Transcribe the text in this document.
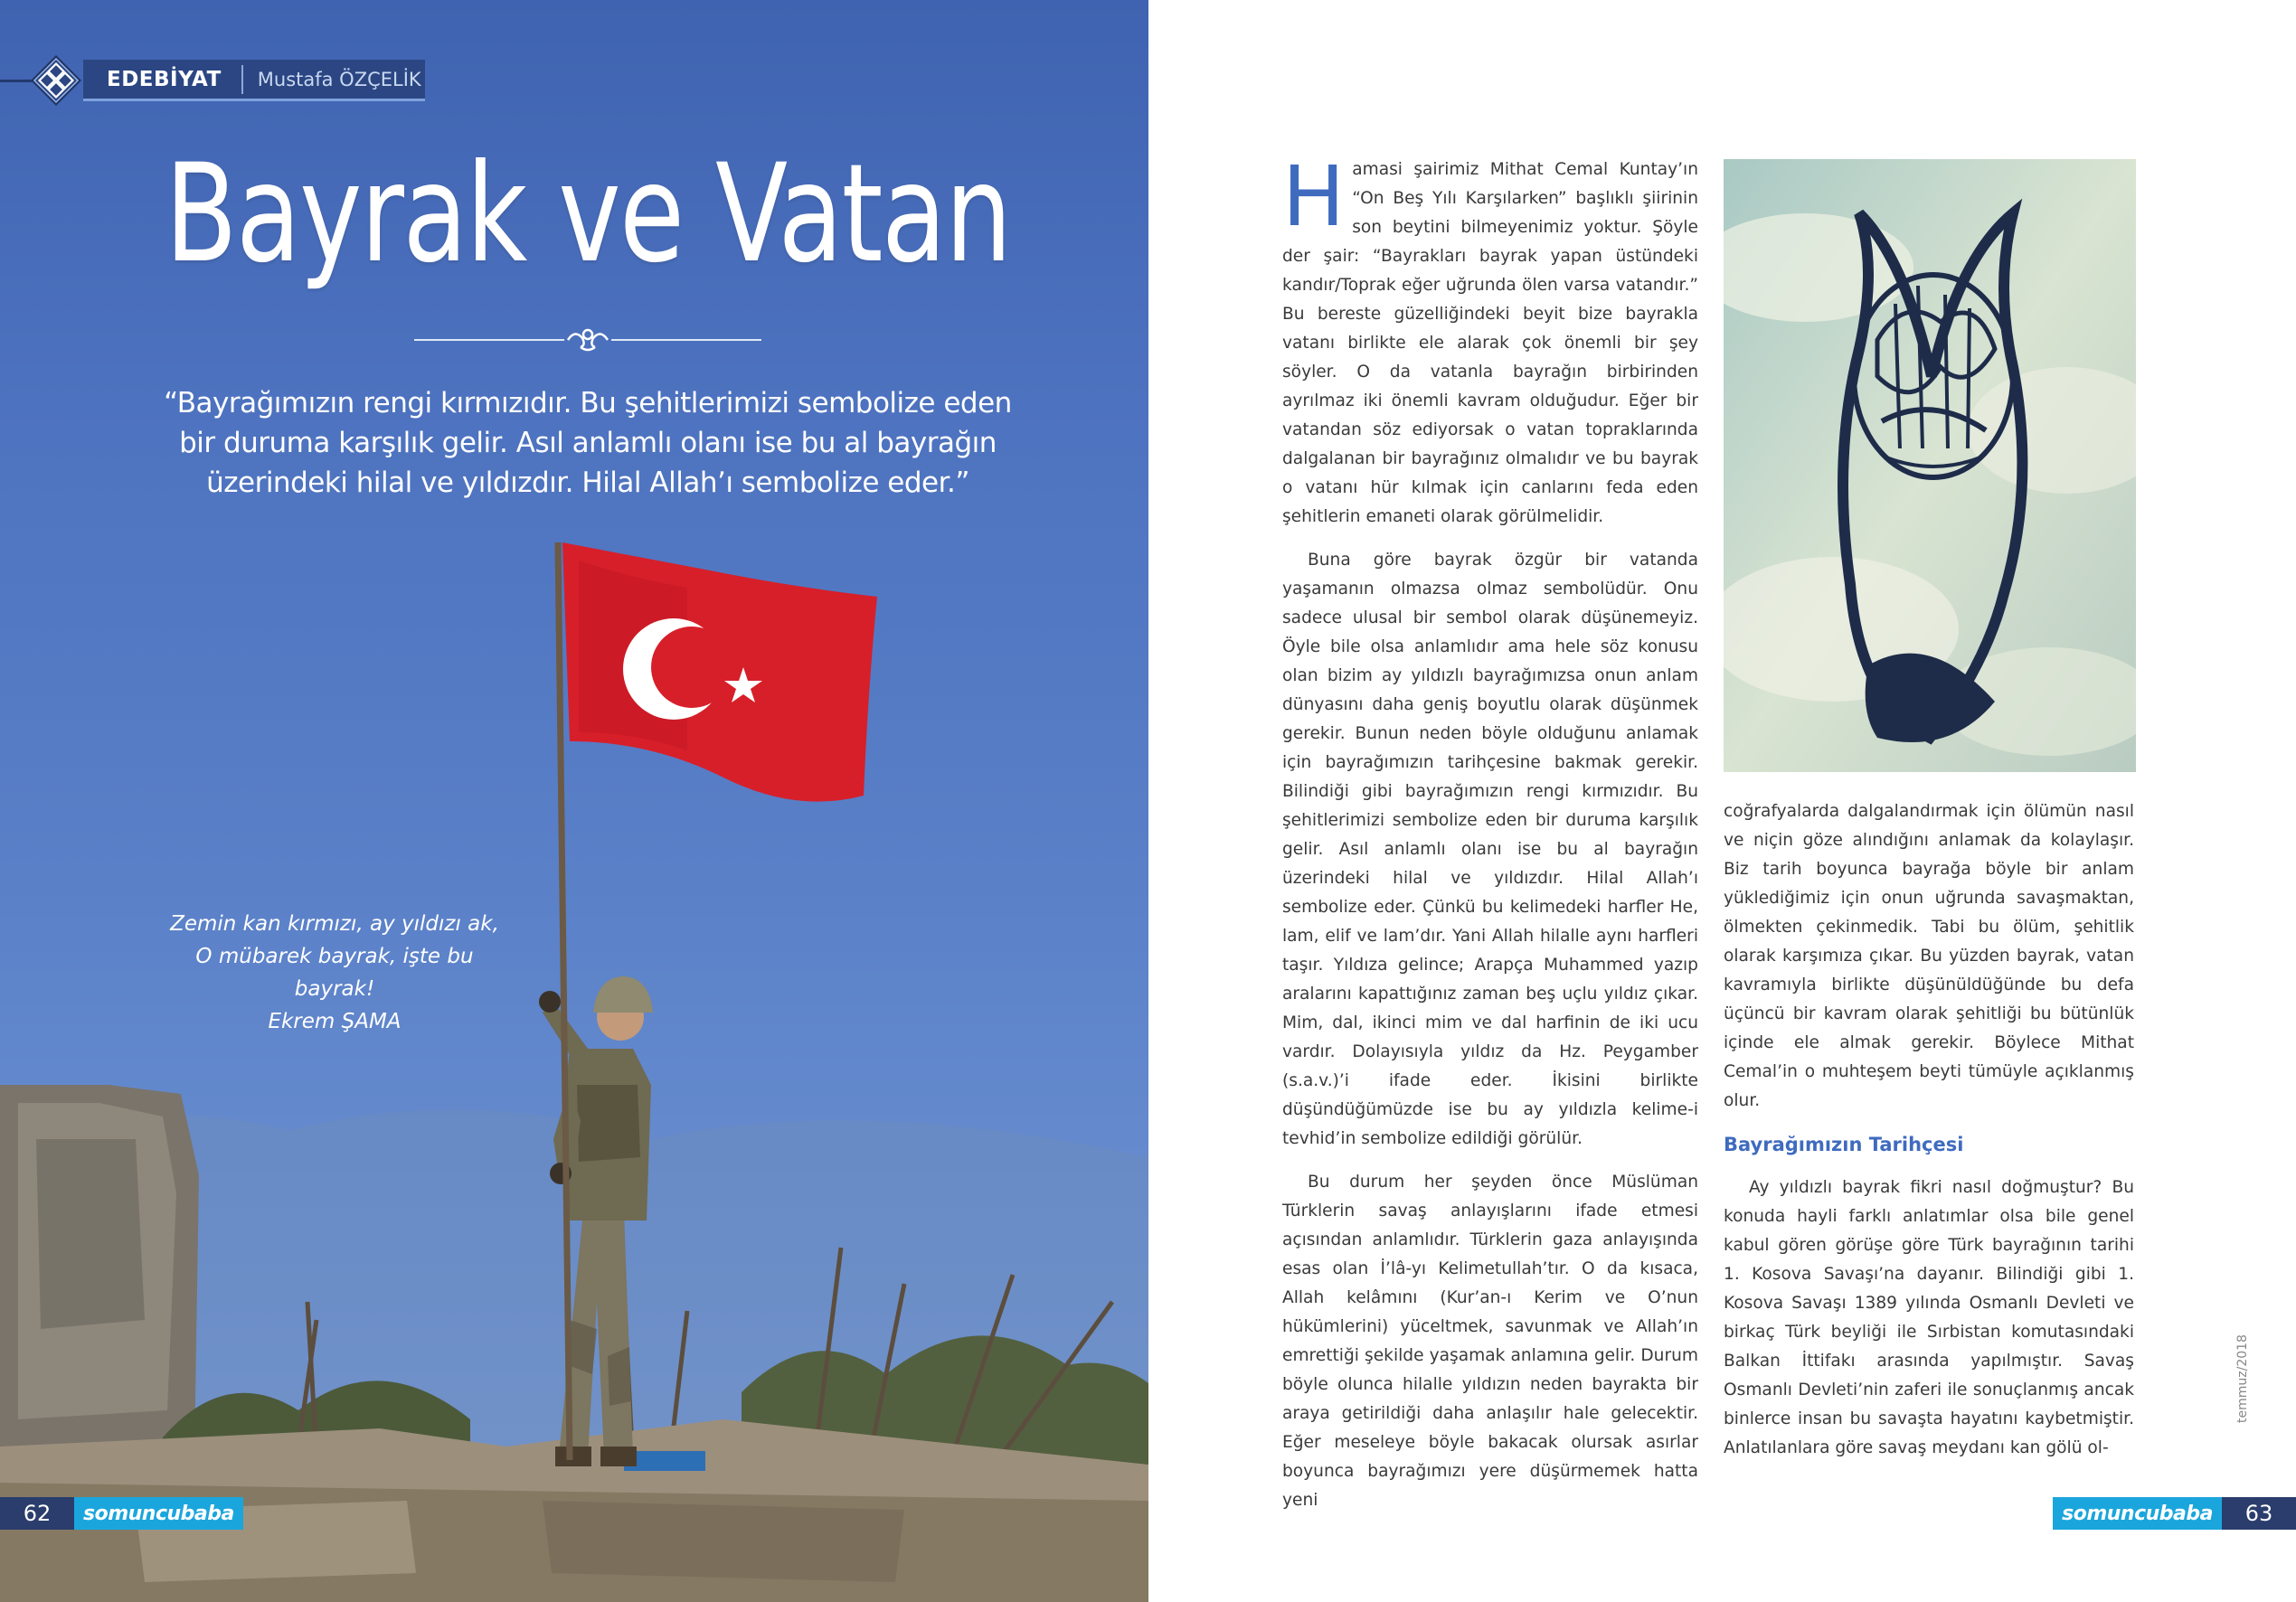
EDEBİYAT	Mustafa ÖZÇELİK
Bayrak ve Vatan
“Bayrağımızın rengi kırmızıdır. Bu şehitlerimizi sembolize eden bir duruma karşılık gelir. Asıl anlamlı olanı ise bu al bayrağın üzerindeki hilal ve yıldızdır. Hilal Allah’ı sembolize eder.”
Zemin kan kırmızı, ay yıldızı ak,
O mübarek bayrak, işte bu bayrak!
Ekrem ŞAMA
62	somuncubaba

Hamasi şairimiz Mithat Cemal Kuntay’ın “On Beş Yılı Karşılarken” başlıklı şiirinin son beytini bilmeyenimiz yoktur. Şöyle der şair: “Bayrakları bayrak yapan üstündeki kandır/Toprak eğer uğrunda ölen varsa vatandır.” Bu bereste güzelliğindeki beyit bize bayrakla vatanı birlikte ele alarak çok önemli bir şey söyler. O da vatanla bayrağın birbirinden ayrılmaz iki önemli kavram olduğudur. Eğer bir vatandan söz ediyorsak o vatan topraklarında dalgalanan bir bayrağınız olmalıdır ve bu bayrak o vatanı hür kılmak için canlarını feda eden şehitlerin emaneti olarak görülmelidir.

Buna göre bayrak özgür bir vatanda yaşamanın olmazsa olmaz sembolüdür. Onu sadece ulusal bir sembol olarak düşünemeyiz. Öyle bile olsa anlamlıdır ama hele söz konusu olan bizim ay yıldızlı bayrağımızsa onun anlam dünyasını daha geniş boyutlu olarak düşünmek gerekir. Bunun neden böyle olduğunu anlamak için bayrağımızın tarihçesine bakmak gerekir. Bilindiği gibi bayrağımızın rengi kırmızıdır. Bu şehitlerimizi sembolize eden bir duruma karşılık gelir. Asıl anlamlı olanı ise bu al bayrağın üzerindeki hilal ve yıldızdır. Hilal Allah’ı sembolize eder. Çünkü bu kelimedeki harfler He, lam, elif ve lam’dır. Yani Allah hilalle aynı harfleri taşır. Yıldıza gelince; Arapça Muhammed yazıp aralarını kapattığınız zaman beş uçlu yıldız çıkar. Mim, dal, ikinci mim ve dal harfinin de iki ucu vardır. Dolayısıyla yıldız da Hz. Peygamber (s.a.v.)’i ifade eder. İkisini birlikte düşündüğümüzde ise bu ay yıldızla kelime-i tevhid’in sembolize edildiği görülür.

Bu durum her şeyden önce Müslüman Türklerin savaş anlayışlarını ifade etmesi açısından anlamlıdır. Türklerin gaza anlayışında esas olan İ’lâ-yı Kelimetullah’tır. O da kısaca, Allah kelâmını (Kur’an-ı Kerim ve O’nun hükümlerini) yüceltmek, savunmak ve Allah’ın emrettiği şekilde yaşamak anlamına gelir. Durum böyle olunca hilalle yıldızın neden bayrakta bir araya getirildiği daha anlaşılır hale gelecektir. Eğer meseleye böyle bakacak olursak asırlar boyunca bayrağımızı yere düşürmemek hatta yeni

coğrafyalarda dalgalandırmak için ölümün nasıl ve niçin göze alındığını anlamak da kolaylaşır. Biz tarih boyunca bayrağa böyle bir anlam yüklediğimiz için onun uğrunda savaşmaktan, ölmekten çekinmedik. Tabi bu ölüm, şehitlik olarak karşımıza çıkar. Bu yüzden bayrak, vatan kavramıyla birlikte düşünüldüğünde bu defa üçüncü bir kavram olarak şehitliği bu bütünlük içinde ele almak gerekir. Böylece Mithat Cemal’in o muhteşem beyti tümüyle açıklanmış olur.

Bayrağımızın Tarihçesi

Ay yıldızlı bayrak fikri nasıl doğmuştur? Bu konuda hayli farklı anlatımlar olsa bile genel kabul gören görüşe göre Türk bayrağının tarihi 1. Kosova Savaşı’na dayanır. Bilindiği gibi 1. Kosova Savaşı 1389 yılında Osmanlı Devleti ve birkaç Türk beyliği ile Sırbistan komutasındaki Balkan İttifakı arasında yapılmıştır. Savaş Osmanlı Devleti’nin zaferi ile sonuçlanmış ancak binlerce insan bu savaşta hayatını kaybetmiştir. Anlatılanlara göre savaş meydanı kan gölü ol-

temmuz/2018
somuncubaba	63
